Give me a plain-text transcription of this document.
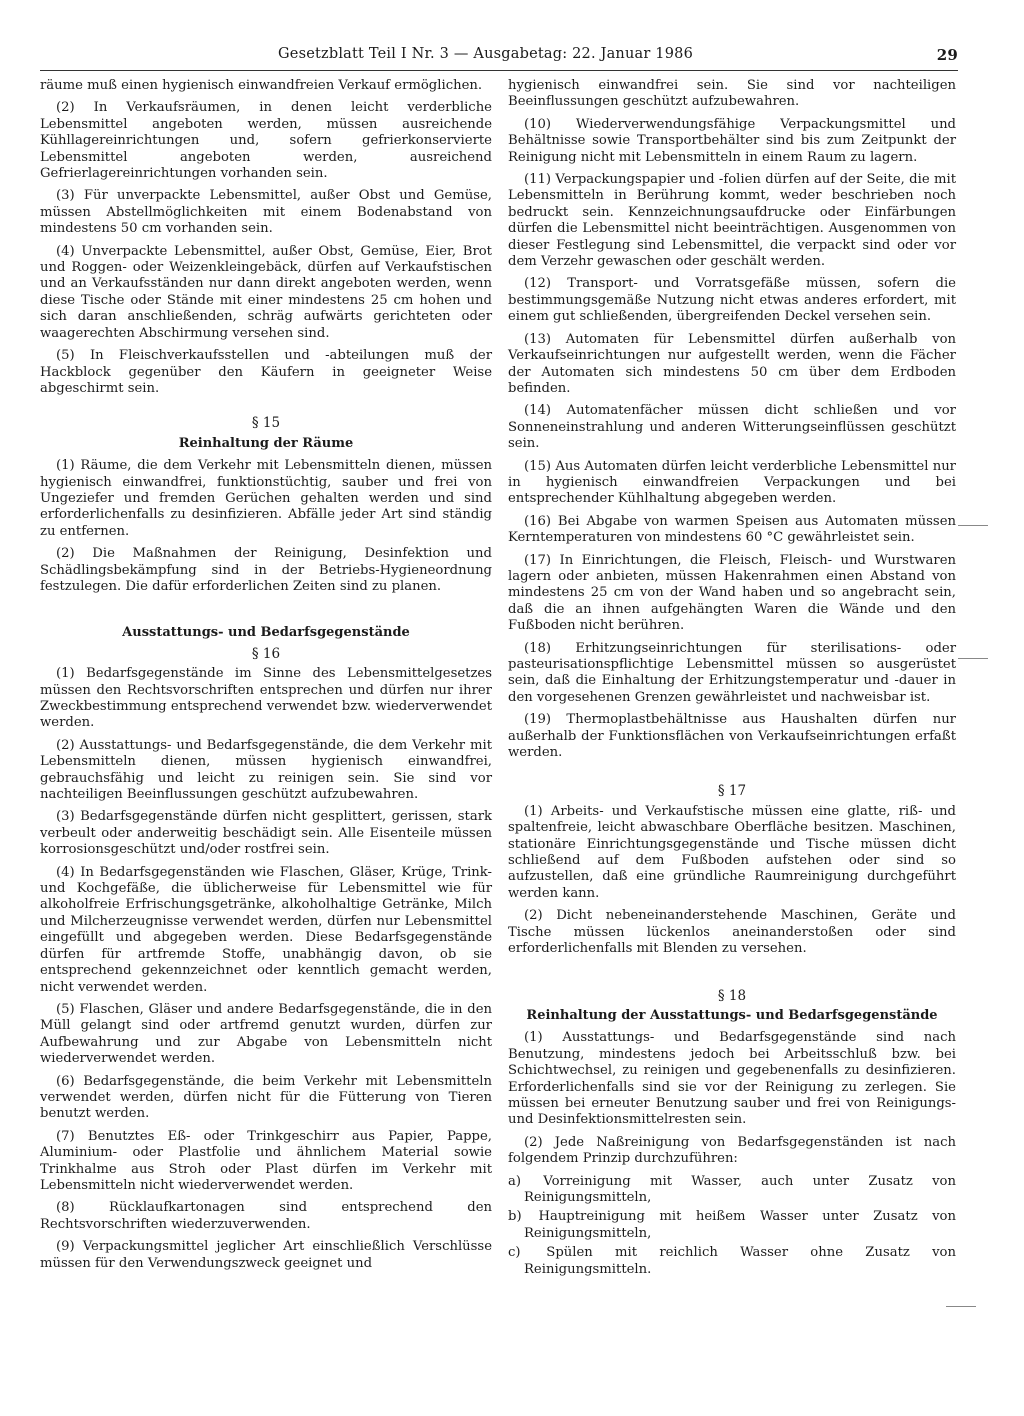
Gesetzblatt Teil I Nr. 3 — Ausgabetag: 22. Januar 1986	29

räume muß einen hygienisch einwandfreien Verkauf ermöglichen.

(2) In Verkaufsräumen, in denen leicht verderbliche Lebensmittel angeboten werden, müssen ausreichende Kühllagereinrichtungen und, sofern gefrierkonservierte Lebensmittel angeboten werden, ausreichend Gefrierlagereinrichtungen vorhanden sein.

(3) Für unverpackte Lebensmittel, außer Obst und Gemüse, müssen Abstellmöglichkeiten mit einem Bodenabstand von mindestens 50 cm vorhanden sein.

(4) Unverpackte Lebensmittel, außer Obst, Gemüse, Eier, Brot und Roggen- oder Weizenkleingebäck, dürfen auf Verkaufstischen und an Verkaufsständen nur dann direkt angeboten werden, wenn diese Tische oder Stände mit einer mindestens 25 cm hohen und sich daran anschließenden, schräg aufwärts gerichteten oder waagerechten Abschirmung versehen sind.

(5) In Fleischverkaufsstellen und -abteilungen muß der Hackblock gegenüber den Käufern in geeigneter Weise abgeschirmt sein.

§ 15
Reinhaltung der Räume

(1) Räume, die dem Verkehr mit Lebensmitteln dienen, müssen hygienisch einwandfrei, funktionstüchtig, sauber und frei von Ungeziefer und fremden Gerüchen gehalten werden und sind erforderlichenfalls zu desinfizieren. Abfälle jeder Art sind ständig zu entfernen.

(2) Die Maßnahmen der Reinigung, Desinfektion und Schädlingsbekämpfung sind in der Betriebs-Hygieneordnung festzulegen. Die dafür erforderlichen Zeiten sind zu planen.

Ausstattungs- und Bedarfsgegenstände
§ 16

(1) Bedarfsgegenstände im Sinne des Lebensmittelgesetzes müssen den Rechtsvorschriften entsprechen und dürfen nur ihrer Zweckbestimmung entsprechend verwendet bzw. wiederverwendet werden.

(2) Ausstattungs- und Bedarfsgegenstände, die dem Verkehr mit Lebensmitteln dienen, müssen hygienisch einwandfrei, gebrauchsfähig und leicht zu reinigen sein. Sie sind vor nachteiligen Beeinflussungen geschützt aufzubewahren.

(3) Bedarfsgegenstände dürfen nicht gesplittert, gerissen, stark verbeult oder anderweitig beschädigt sein. Alle Eisenteile müssen korrosionsgeschützt und/oder rostfrei sein.

(4) In Bedarfsgegenständen wie Flaschen, Gläser, Krüge, Trink- und Kochgefäße, die üblicherweise für Lebensmittel wie für alkoholfreie Erfrischungsgetränke, alkoholhaltige Getränke, Milch und Milcherzeugnisse verwendet werden, dürfen nur Lebensmittel eingefüllt und abgegeben werden. Diese Bedarfsgegenstände dürfen für artfremde Stoffe, unabhängig davon, ob sie entsprechend gekennzeichnet oder kenntlich gemacht werden, nicht verwendet werden.

(5) Flaschen, Gläser und andere Bedarfsgegenstände, die in den Müll gelangt sind oder artfremd genutzt wurden, dürfen zur Aufbewahrung und zur Abgabe von Lebensmitteln nicht wiederverwendet werden.

(6) Bedarfsgegenstände, die beim Verkehr mit Lebensmitteln verwendet werden, dürfen nicht für die Fütterung von Tieren benutzt werden.

(7) Benutztes Eß- oder Trinkgeschirr aus Papier, Pappe, Aluminium- oder Plastfolie und ähnlichem Material sowie Trinkhalme aus Stroh oder Plast dürfen im Verkehr mit Lebensmitteln nicht wiederverwendet werden.

(8) Rücklaufkartonagen sind entsprechend den Rechtsvorschriften wiederzuverwenden.

(9) Verpackungsmittel jeglicher Art einschließlich Verschlüsse müssen für den Verwendungszweck geeignet und

hygienisch einwandfrei sein. Sie sind vor nachteiligen Beeinflussungen geschützt aufzubewahren.

(10) Wiederverwendungsfähige Verpackungsmittel und Behältnisse sowie Transportbehälter sind bis zum Zeitpunkt der Reinigung nicht mit Lebensmitteln in einem Raum zu lagern.

(11) Verpackungspapier und -folien dürfen auf der Seite, die mit Lebensmitteln in Berührung kommt, weder beschrieben noch bedruckt sein. Kennzeichnungsaufdrucke oder Einfärbungen dürfen die Lebensmittel nicht beeinträchtigen. Ausgenommen von dieser Festlegung sind Lebensmittel, die verpackt sind oder vor dem Verzehr gewaschen oder geschält werden.

(12) Transport- und Vorratsgefäße müssen, sofern die bestimmungsgemäße Nutzung nicht etwas anderes erfordert, mit einem gut schließenden, übergreifenden Deckel versehen sein.

(13) Automaten für Lebensmittel dürfen außerhalb von Verkaufseinrichtungen nur aufgestellt werden, wenn die Fächer der Automaten sich mindestens 50 cm über dem Erdboden befinden.

(14) Automatenfächer müssen dicht schließen und vor Sonneneinstrahlung und anderen Witterungseinflüssen geschützt sein.

(15) Aus Automaten dürfen leicht verderbliche Lebensmittel nur in hygienisch einwandfreien Verpackungen und bei entsprechender Kühlhaltung abgegeben werden.

(16) Bei Abgabe von warmen Speisen aus Automaten müssen Kerntemperaturen von mindestens 60 °C gewährleistet sein.

(17) In Einrichtungen, die Fleisch, Fleisch- und Wurstwaren lagern oder anbieten, müssen Hakenrahmen einen Abstand von mindestens 25 cm von der Wand haben und so angebracht sein, daß die an ihnen aufgehängten Waren die Wände und den Fußboden nicht berühren.

(18) Erhitzungseinrichtungen für sterilisations- oder pasteurisationspflichtige Lebensmittel müssen so ausgerüstet sein, daß die Einhaltung der Erhitzungstemperatur und -dauer in den vorgesehenen Grenzen gewährleistet und nachweisbar ist.

(19) Thermoplastbehältnisse aus Haushalten dürfen nur außerhalb der Funktionsflächen von Verkaufseinrichtungen erfaßt werden.

§ 17

(1) Arbeits- und Verkaufstische müssen eine glatte, riß- und spaltenfreie, leicht abwaschbare Oberfläche besitzen. Maschinen, stationäre Einrichtungsgegenstände und Tische müssen dicht schließend auf dem Fußboden aufstehen oder sind so aufzustellen, daß eine gründliche Raumreinigung durchgeführt werden kann.

(2) Dicht nebeneinanderstehende Maschinen, Geräte und Tische müssen lückenlos aneinanderstoßen oder sind erforderlichenfalls mit Blenden zu versehen.

§ 18
Reinhaltung der Ausstattungs- und Bedarfsgegenstände

(1) Ausstattungs- und Bedarfsgegenstände sind nach Benutzung, mindestens jedoch bei Arbeitsschluß bzw. bei Schichtwechsel, zu reinigen und gegebenenfalls zu desinfizieren. Erforderlichenfalls sind sie vor der Reinigung zu zerlegen. Sie müssen bei erneuter Benutzung sauber und frei von Reinigungs- und Desinfektionsmittelresten sein.

(2) Jede Naßreinigung von Bedarfsgegenständen ist nach folgendem Prinzip durchzuführen:

a) Vorreinigung mit Wasser, auch unter Zusatz von Reinigungsmitteln,
b) Hauptreinigung mit heißem Wasser unter Zusatz von Reinigungsmitteln,
c) Spülen mit reichlich Wasser ohne Zusatz von Reinigungsmitteln.
